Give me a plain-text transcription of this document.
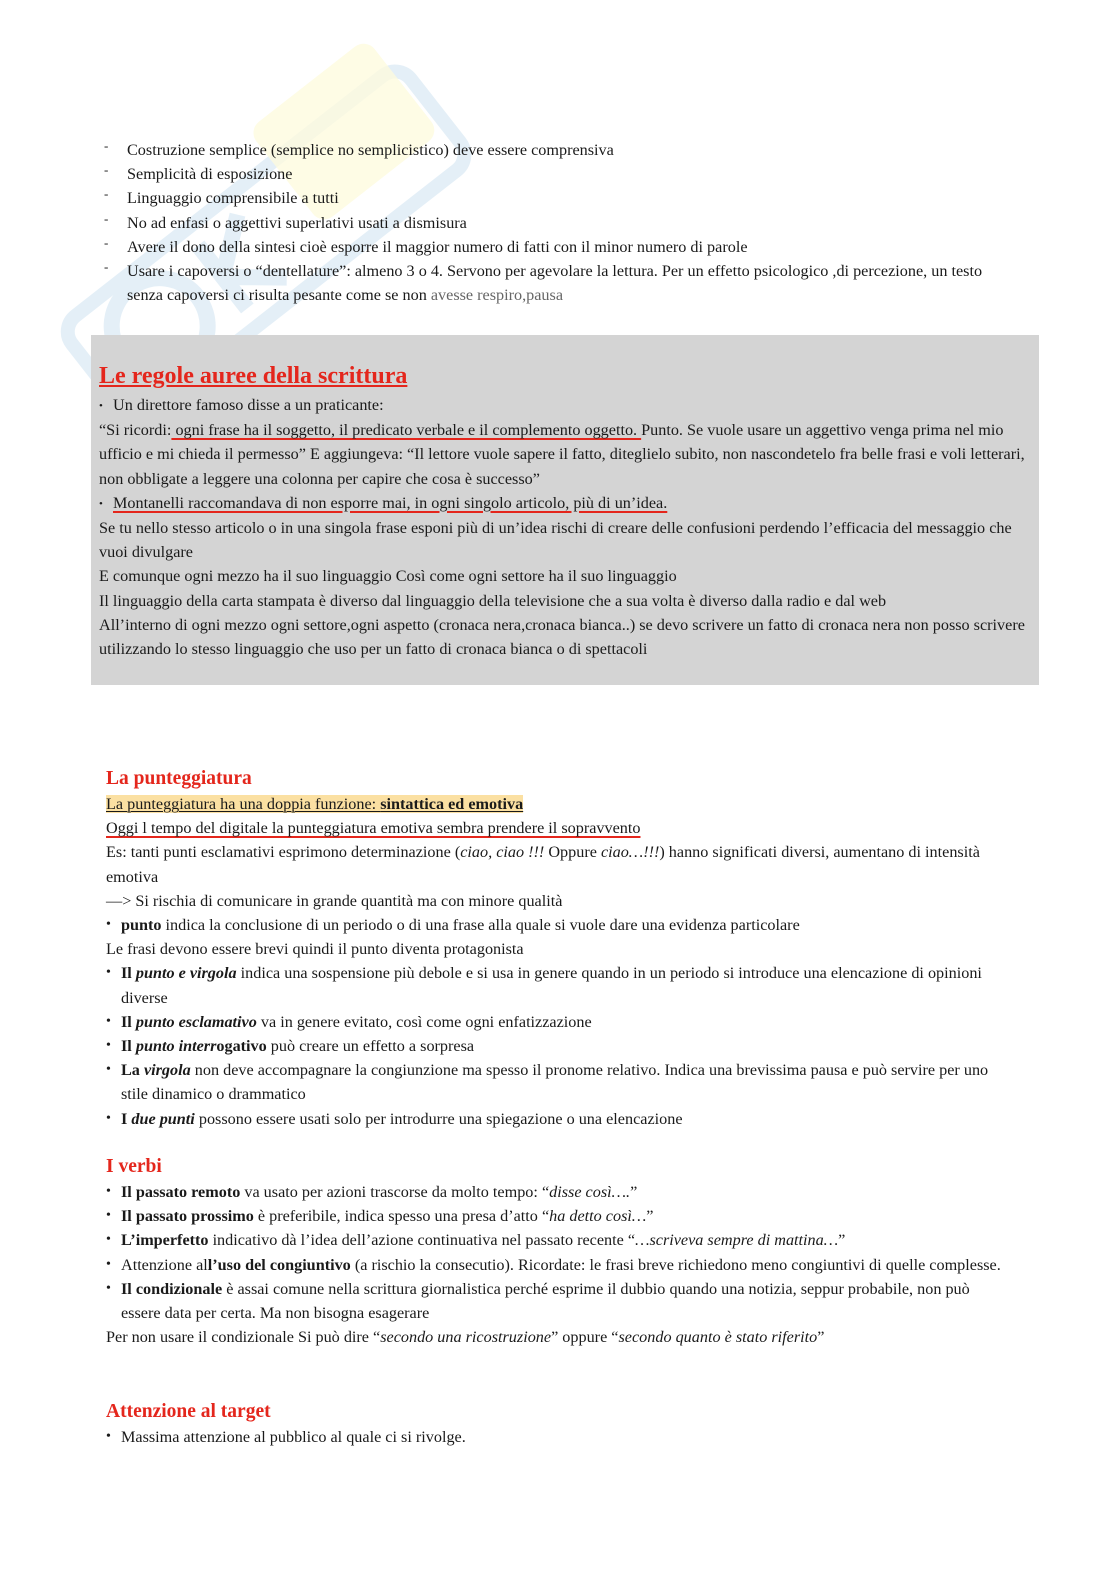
- Costruzione semplice (semplice no semplicistico) deve essere comprensiva
- Semplicità di esposizione
- Linguaggio comprensibile a tutti
- No ad enfasi o aggettivi superlativi usati a dismisura
- Avere il dono della sintesi cioè esporre il maggior numero di fatti con il minor numero di parole
- Usare i capoversi o “dentellature”: almeno 3 o 4. Servono per agevolare la lettura. Per un effetto psicologico ,di percezione, un testo senza capoversi ci risulta pesante come se non avesse respiro,pausa
Le regole auree della scrittura

• Un direttore famoso disse a un praticante:

“Si ricordi: ogni frase ha il soggetto, il predicato verbale e il complemento oggetto. Punto. Se vuole usare un aggettivo venga prima nel mio ufficio e mi chieda il permesso” E aggiungeva: “Il lettore vuole sapere il fatto, diteglielo subito, non nascondetelo fra belle frasi e voli letterari, non obbligate a leggere una colonna per capire che cosa è successo”

• Montanelli raccomandava di non esporre mai, in ogni singolo articolo, più di un’idea.

Se tu nello stesso articolo o in una singola frase esponi più di un’idea rischi di creare delle confusioni perdendo l’efficacia del messaggio che vuoi divulgare

E comunque ogni mezzo ha il suo linguaggio Così come ogni settore ha il suo linguaggio

Il linguaggio della carta stampata è diverso dal linguaggio della televisione che a sua volta è diverso dalla radio e dal web

All’interno di ogni mezzo ogni settore,ogni aspetto (cronaca nera,cronaca bianca..) se devo scrivere un fatto di cronaca nera non posso scrivere utilizzando lo stesso linguaggio che uso per un fatto di cronaca bianca o di spettacoli

La punteggiatura

La punteggiatura ha una doppia funzione: sintattica ed emotiva

Oggi l tempo del digitale la punteggiatura emotiva sembra prendere il sopravvento

Es: tanti punti esclamativi esprimono determinazione (ciao, ciao !!! Oppure ciao…!!!) hanno significati diversi, aumentano di intensità emotiva

—> Si rischia di comunicare in grande quantità ma con minore qualità

• punto indica la conclusione di un periodo o di una frase alla quale si vuole dare una evidenza particolare

Le frasi devono essere brevi quindi il punto diventa protagonista

• Il punto e virgola indica una sospensione più debole e si usa in genere quando in un periodo si introduce una elencazione di opinioni diverse
• Il punto esclamativo va in genere evitato, così come ogni enfatizzazione
• Il punto interrogativo può creare un effetto a sorpresa
• La virgola non deve accompagnare la congiunzione ma spesso il pronome relativo. Indica una brevissima pausa e può servire per uno stile dinamico o drammatico
• I due punti possono essere usati solo per introdurre una spiegazione o una elencazione
I verbi
• Il passato remoto va usato per azioni trascorse da molto tempo: “disse così….”
• Il passato prossimo è preferibile, indica spesso una presa d’atto “ha detto così…”
• L’imperfetto indicativo dà l’idea dell’azione continuativa nel passato recente “…scriveva sempre di mattina…”
• Attenzione all’uso del congiuntivo (a rischio la consecutio). Ricordate: le frasi breve richiedono meno congiuntivi di quelle complesse.
• Il condizionale è assai comune nella scrittura giornalistica perché esprime il dubbio quando una notizia, seppur probabile, non può essere data per certa. Ma non bisogna esagerare

Per non usare il condizionale Si può dire “secondo una ricostruzione” oppure “secondo quanto è stato riferito”

Attenzione al target
• Massima attenzione al pubblico al quale ci si rivolge.
